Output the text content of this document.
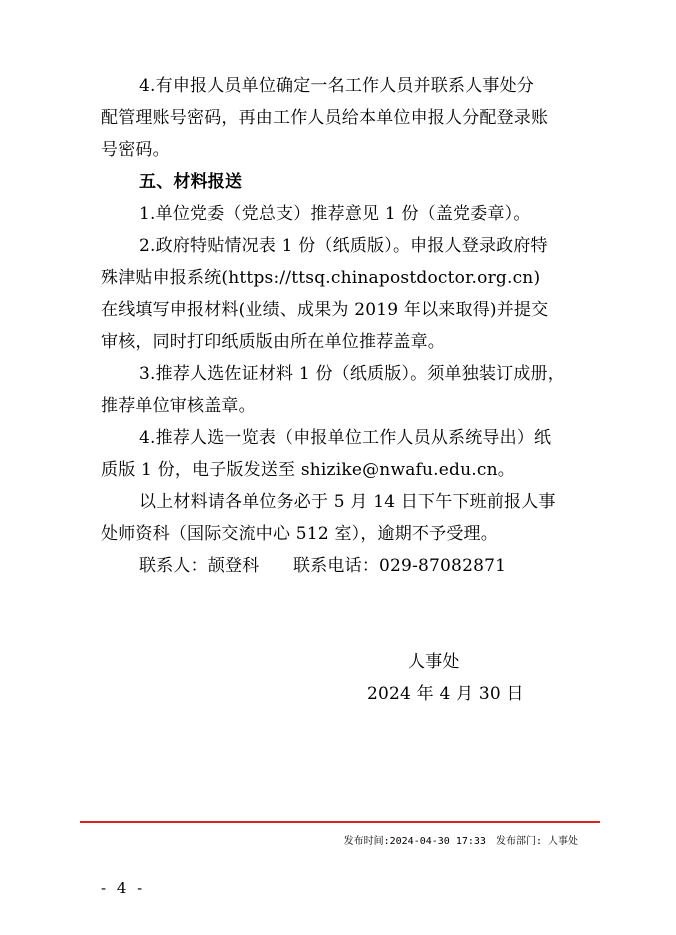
4.有申报人员单位确定一名工作人员并联系人事处分
配管理账号密码，再由工作人员给本单位申报人分配登录账
号密码。
五、材料报送
1.单位党委（党总支）推荐意见 1 份（盖党委章）。
2.政府特贴情况表 1 份（纸质版）。申报人登录政府特
殊津贴申报系统(https://ttsq.chinapostdoctor.org.cn)
在线填写申报材料(业绩、成果为 2019 年以来取得)并提交
审核，同时打印纸质版由所在单位推荐盖章。
3.推荐人选佐证材料 1 份（纸质版）。须单独装订成册，
推荐单位审核盖章。
4.推荐人选一览表（申报单位工作人员从系统导出）纸
质版 1 份，电子版发送至 shizike@nwafu.edu.cn。
以上材料请各单位务必于 5 月 14 日下午下班前报人事
处师资科（国际交流中心 512 室），逾期不予受理。
联系人：颉登科      联系电话：029-87082871
人事处
2024 年 4 月 30 日
发布时间:2024-04-30 17:33 发布部门: 人事处
- 4 -
